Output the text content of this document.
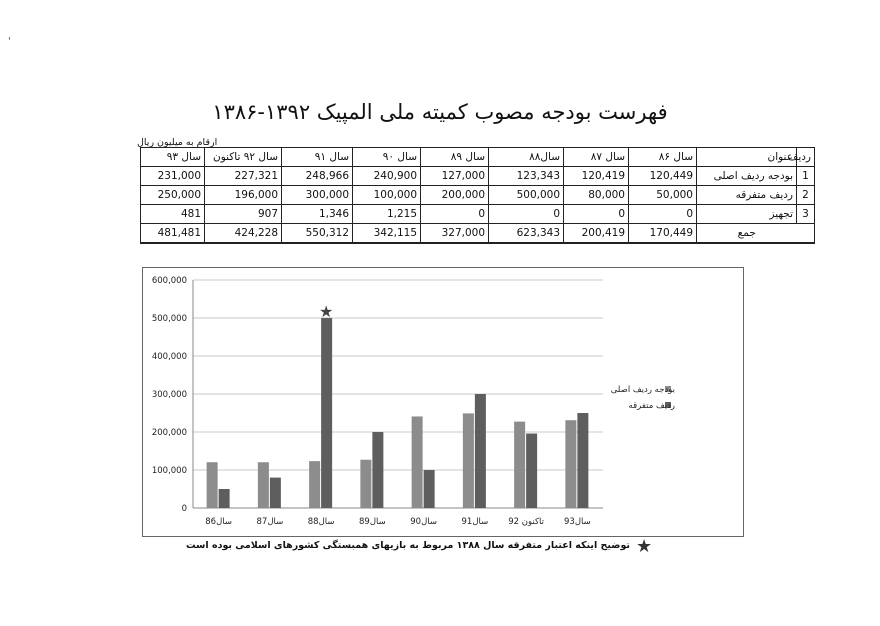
'
فهرست بودجه مصوب کمیته ملی المپیک ۱۳۹۲-۱۳۸۶
ارقام به میلیون ریال
سال ۹۳	سال ۹۲ تاکنون	سال ۹۱	سال ۹۰	سال ۸۹	سال۸۸	سال ۸۷	سال ۸۶	عنوان	ردیف
231,000	227,321	248,966	240,900	127,000	123,343	120,419	120,449	بودجه ردیف اصلی	1
250,000	196,000	300,000	100,000	200,000	500,000	80,000	50,000	ردیف متفرقه	2
481	907	1,346	1,215	0	0	0	0	تجهیز	3
481,481	424,228	550,312	342,115	327,000	623,343	200,419	170,449	جمع	
0
100,000
200,000
300,000
400,000
500,000
600,000
86سال	87سال	88سال	89سال	90سال	91سال 92 تاکنون 93سال
★
بودجه ردیف اصلی
ردیف متفرقه
توضیح اینکه اعتبار متفرقه سال ۱۳۸۸ مربوط به بازیهای همبستگی کشورهای اسلامی بوده است ★
